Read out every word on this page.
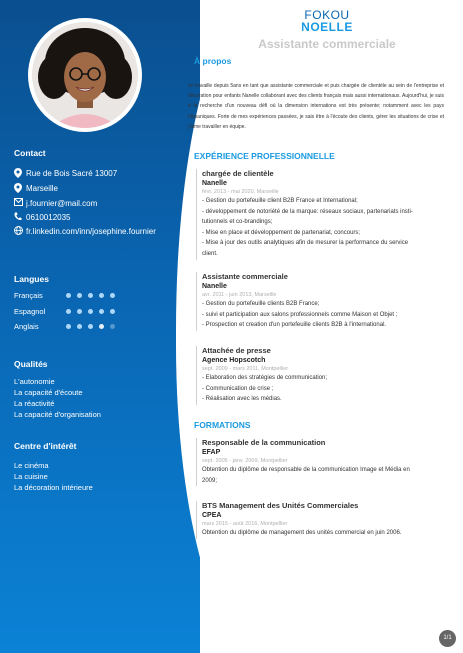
Contact
Rue de Bois Sacré 13007
Marseille
j.fournier@mail.com
0610012035
fr.linkedin.com/inn/josephine.fournier
Langues
Français
Espagnol
Anglais
Qualités
L'autonomie
La capacité d'écoute
La réactivité
La capacité d'organisation
Centre d'intérêt
Le cinéma
La cuisine
La décoration intérieure
FOKOU
NOELLE
Assistante commerciale
À propos

Je travaille depuis 5ans en tant que assistante commerciale et puis chargée de clientèle au sein de l'entreprise et décoration pour enfants Nanelle collaborant avec des clients français mais aussi internationaux. Aujourd'hui, je suis à la recherche d'un nouveau défi où la dimension internations est très présente; notamment avec les pays hispaniques. Forte de mes expériences passées, je sais être à l'écoute des clients, gérer les situations de crise et j'aime travailler en équipe.

EXPÉRIENCE PROFESSIONNELLE
chargée de clientèle
Nanelle
févr. 2013 - mai 2020, Marseille
- Gestion du portefeuille client B2B France et International;
- développement de notoriété de la marque: réseaux sociaux, partenariats insti-
tutionnels et co-brandings;
- Mise en place et développement de partenariat, concours;
- Mise à jour des outils analytiques afin de mesurer la performance du service
client.
Assistante commerciale
Nanelle
avr. 2011 - juin 2013, Marseille
- Gestion du portefeuille clients B2B France;
- suivi et participation aux salons professionnels comme Maison et Objet ;
- Prospection et creation d'un portefeuille clients B2B à l'international.
Attachée de presse
Agence Hopscotch
sept. 2009 - mars 2011, Montpellier
- Elaboration des stratégies de communication;
- Communication de crise ;
- Réalisation avec les médias.
FORMATIONS
Responsable de la communication
EFAP
sept. 2005 - janv. 2009, Montpellier
Obtention du diplôme de responsable de la communication Image et Média en
2009;
BTS Management des Unités Commerciales
CPEA
mars 2015 - août 2016, Montpellier
Obtention du diplôme de management des unités commercial en juin 2006.
1/1
